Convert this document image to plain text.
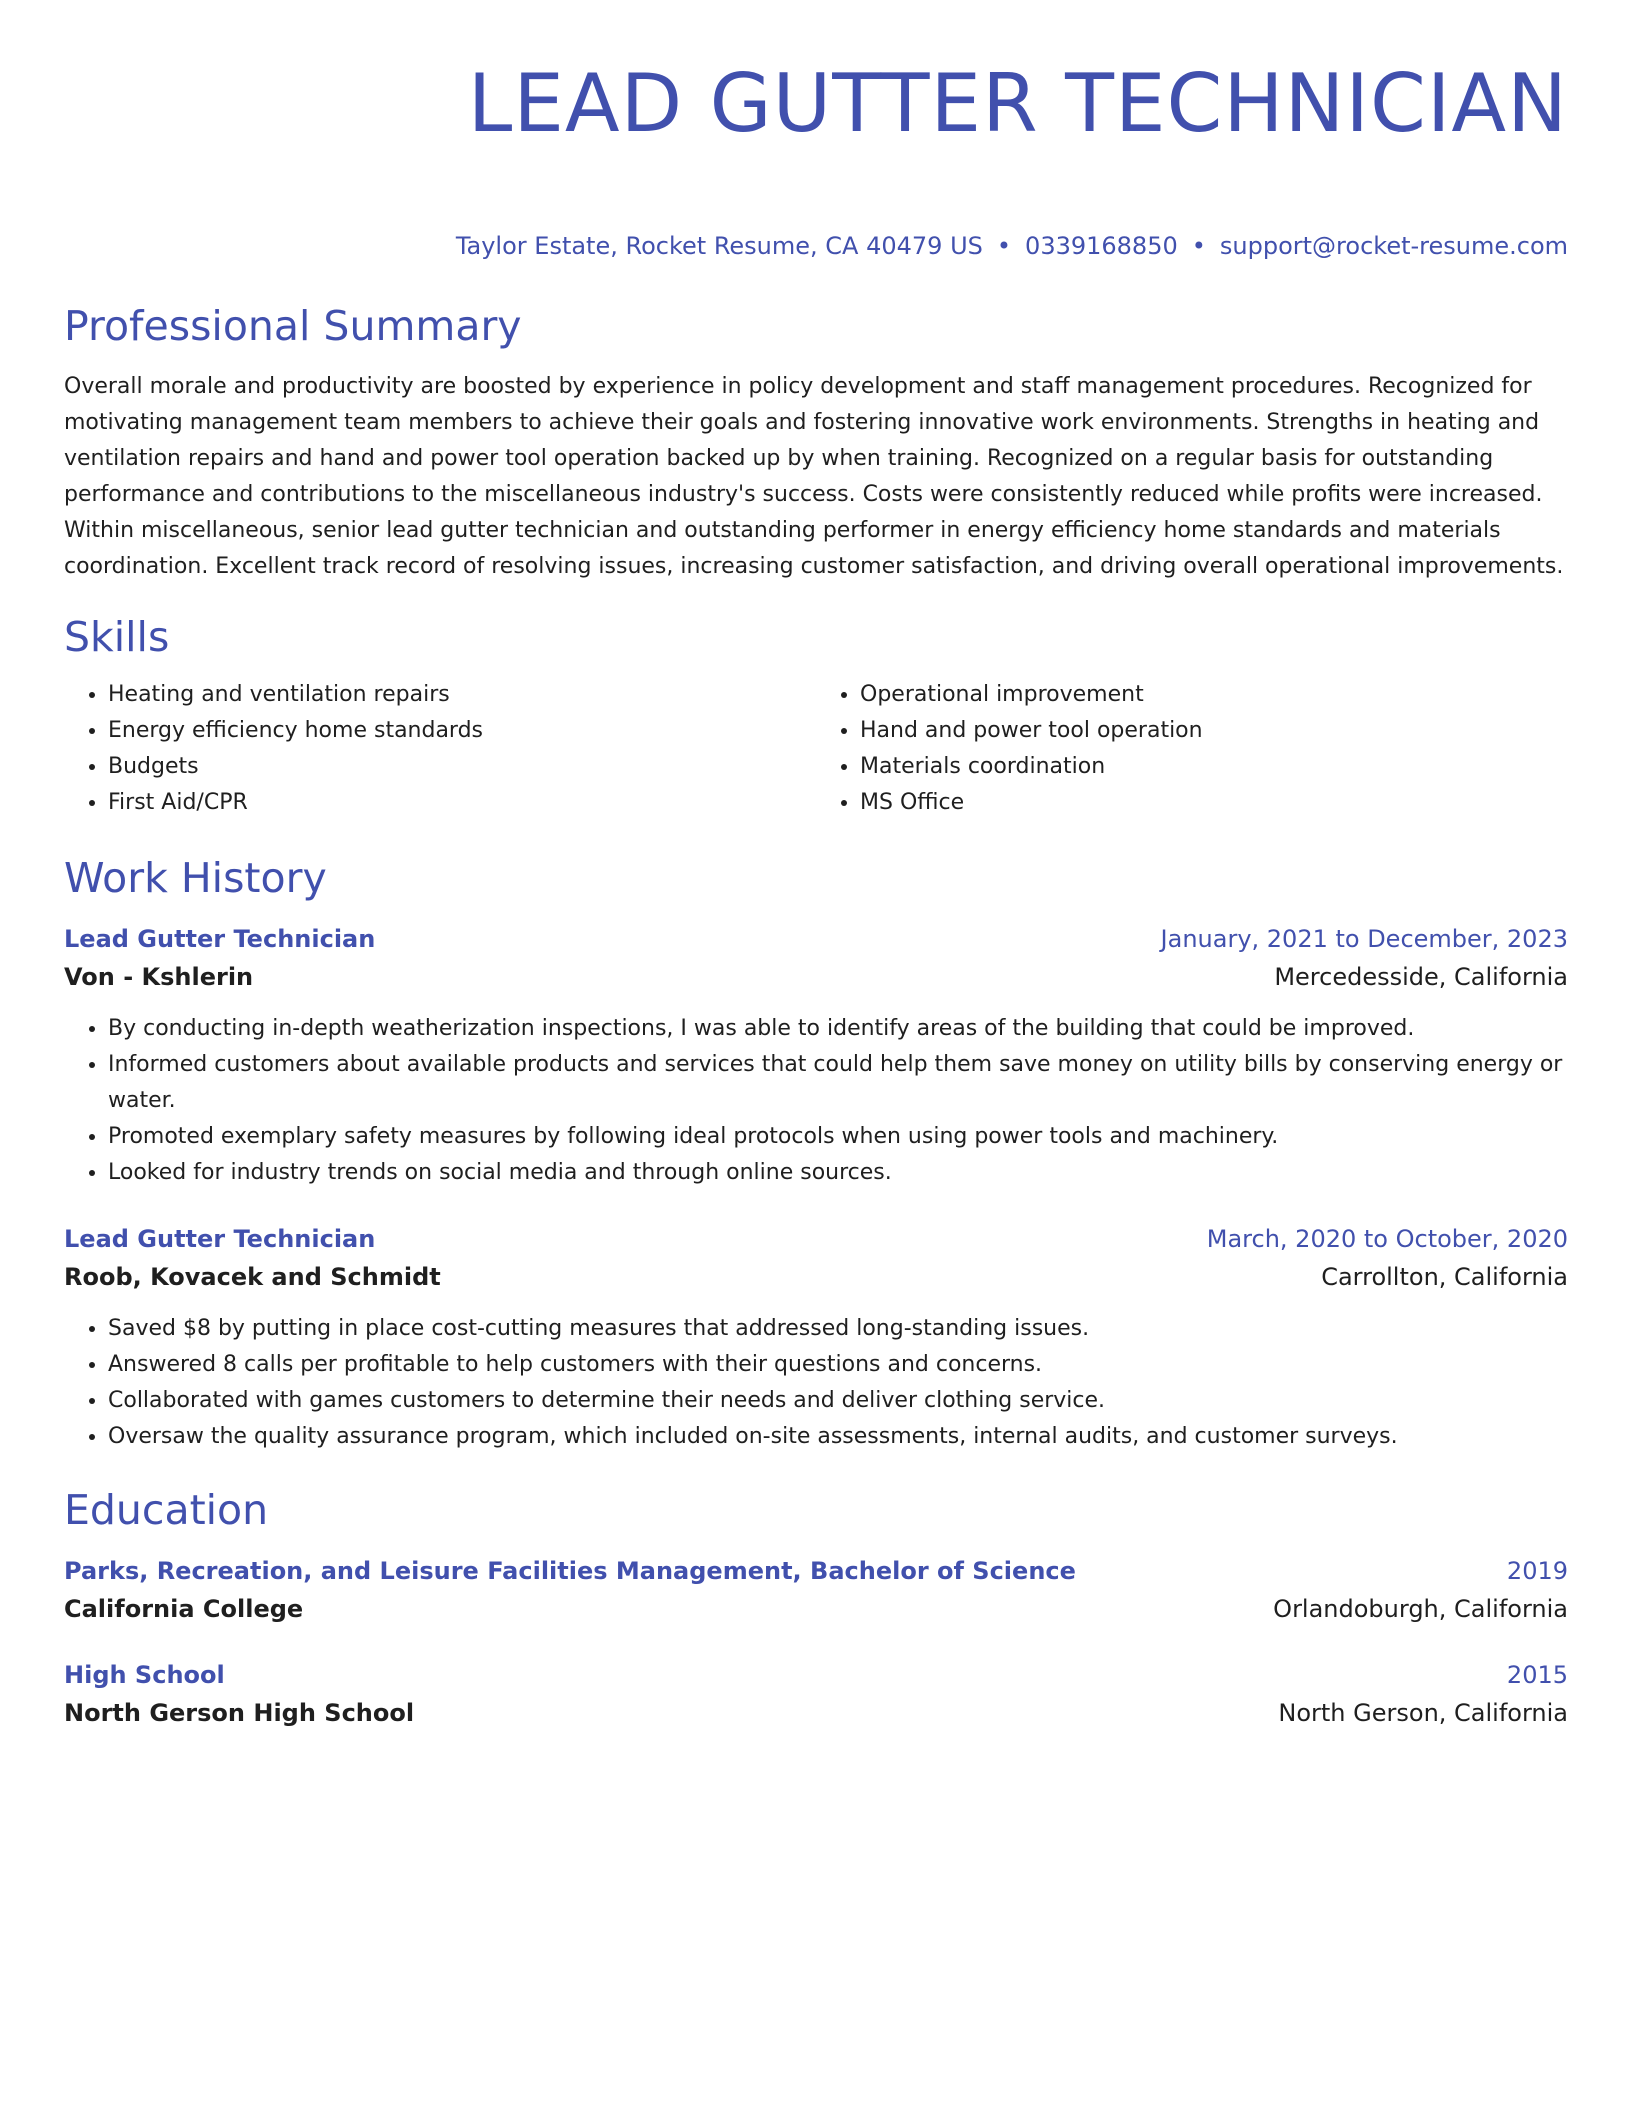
LEAD GUTTER TECHNICIAN
Taylor Estate, Rocket Resume, CA 40479 US • 0339168850 • support@rocket-resume.com
Professional Summary

Overall morale and productivity are boosted by experience in policy development and staff management procedures. Recognized for motivating management team members to achieve their goals and fostering innovative work environments. Strengths in heating and ventilation repairs and hand and power tool operation backed up by when training. Recognized on a regular basis for outstanding performance and contributions to the miscellaneous industry's success. Costs were consistently reduced while profits were increased. Within miscellaneous, senior lead gutter technician and outstanding performer in energy efficiency home standards and materials coordination. Excellent track record of resolving issues, increasing customer satisfaction, and driving overall operational improvements.

Skills
• Heating and ventilation repairs
• Energy efficiency home standards
• Budgets
• First Aid/CPR
• Operational improvement
• Hand and power tool operation
• Materials coordination
• MS Office
Work History
Lead Gutter Technician	January, 2021 to December, 2023
Von - Kshlerin	Mercedesside, California
• By conducting in-depth weatherization inspections, I was able to identify areas of the building that could be improved.
• Informed customers about available products and services that could help them save money on utility bills by conserving energy or water.
• Promoted exemplary safety measures by following ideal protocols when using power tools and machinery.
• Looked for industry trends on social media and through online sources.
Lead Gutter Technician	March, 2020 to October, 2020
Roob, Kovacek and Schmidt	Carrollton, California
• Saved $8 by putting in place cost-cutting measures that addressed long-standing issues.
• Answered 8 calls per profitable to help customers with their questions and concerns.
• Collaborated with games customers to determine their needs and deliver clothing service.
• Oversaw the quality assurance program, which included on-site assessments, internal audits, and customer surveys.
Education
Parks, Recreation, and Leisure Facilities Management, Bachelor of Science	2019
California College	Orlandoburgh, California
High School	2015
North Gerson High School	North Gerson, California
